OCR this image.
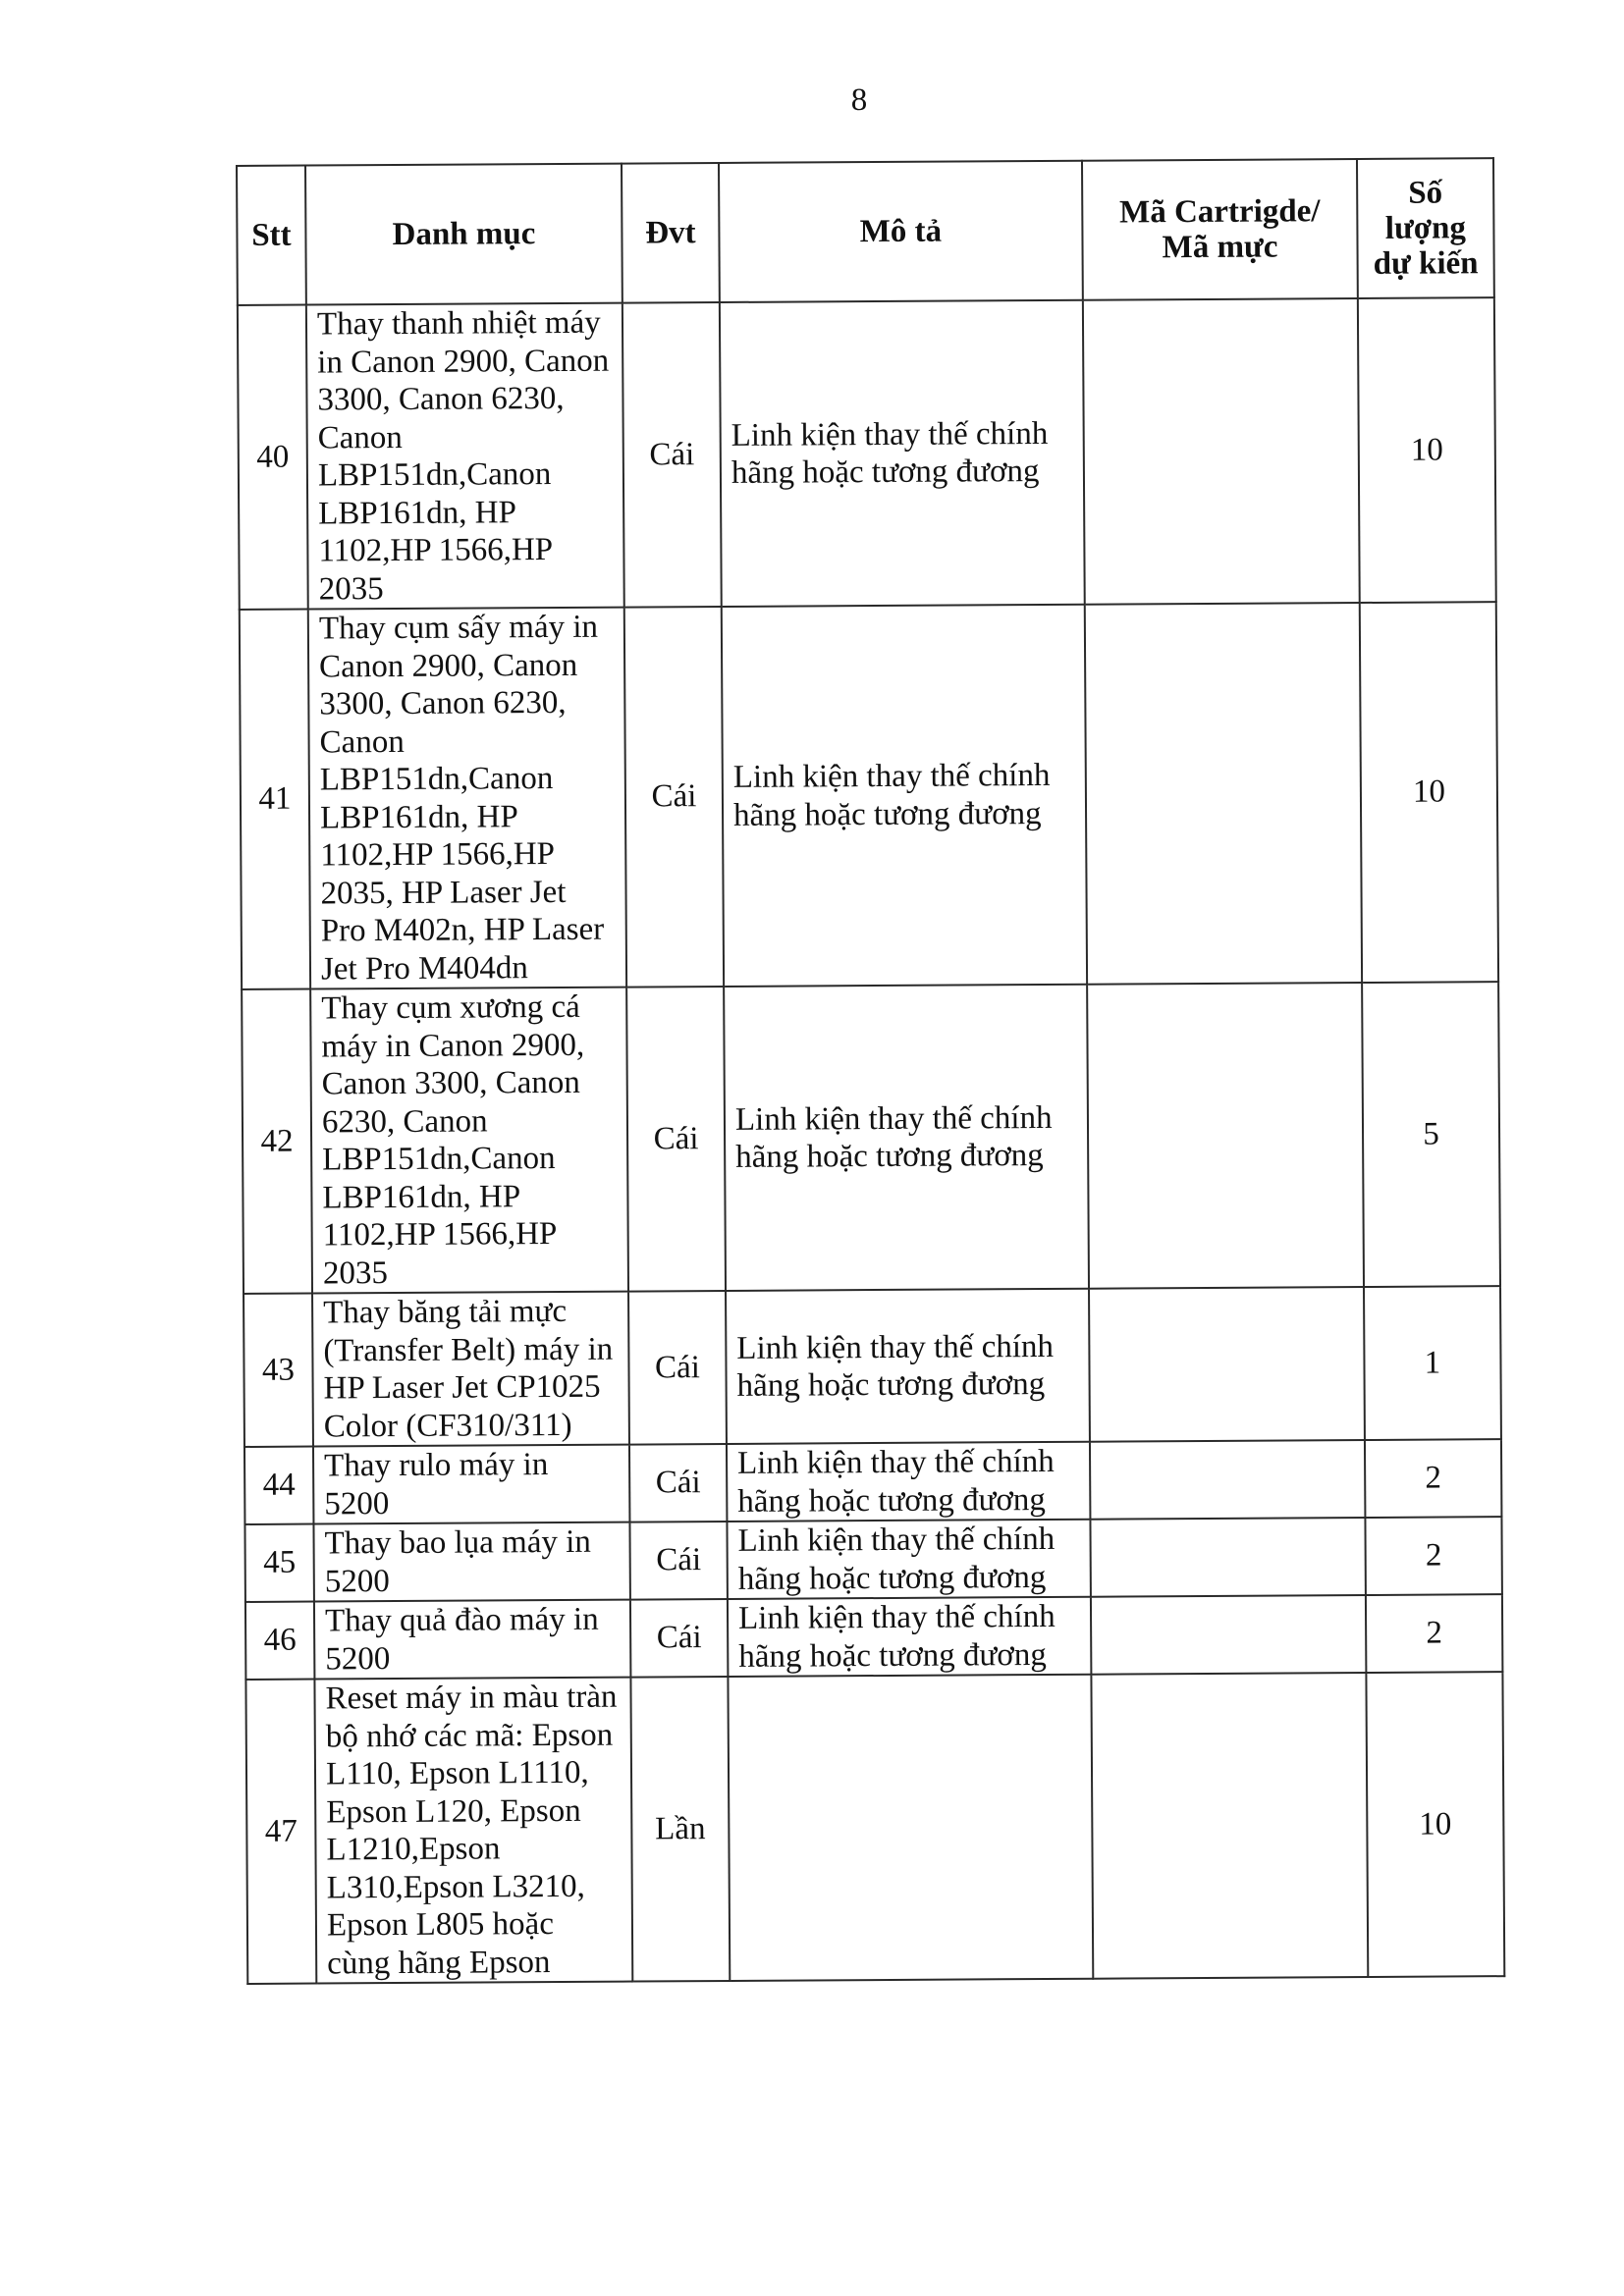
8
Stt	Danh mục	Đvt	Mô tả	Mã Cartrigde/ Mã mực	Số lượng dự kiến
40	Thay thanh nhiệt máy in Canon 2900, Canon 3300, Canon 6230, Canon LBP151dn,Canon LBP161dn, HP 1102,HP 1566,HP 2035	Cái	Linh kiện thay thế chính hãng hoặc tương đương		10
41	Thay cụm sấy máy in Canon 2900, Canon 3300, Canon 6230, Canon LBP151dn,Canon LBP161dn, HP 1102,HP 1566,HP 2035, HP Laser Jet Pro M402n, HP Laser Jet Pro M404dn	Cái	Linh kiện thay thế chính hãng hoặc tương đương		10
42	Thay cụm xương cá máy in Canon 2900, Canon 3300, Canon 6230, Canon LBP151dn,Canon LBP161dn, HP 1102,HP 1566,HP 2035	Cái	Linh kiện thay thế chính hãng hoặc tương đương		5
43	Thay băng tải mực (Transfer Belt) máy in HP Laser Jet CP1025 Color (CF310/311)	Cái	Linh kiện thay thế chính hãng hoặc tương đương		1
44	Thay rulo máy in 5200	Cái	Linh kiện thay thế chính hãng hoặc tương đương		2
45	Thay bao lụa máy in 5200	Cái	Linh kiện thay thế chính hãng hoặc tương đương		2
46	Thay quả đào máy in 5200	Cái	Linh kiện thay thế chính hãng hoặc tương đương		2
47	Reset máy in màu tràn bộ nhớ các mã: Epson L110, Epson L1110, Epson L120, Epson L1210,Epson L310,Epson L3210, Epson L805 hoặc cùng hãng Epson	Lần			10
